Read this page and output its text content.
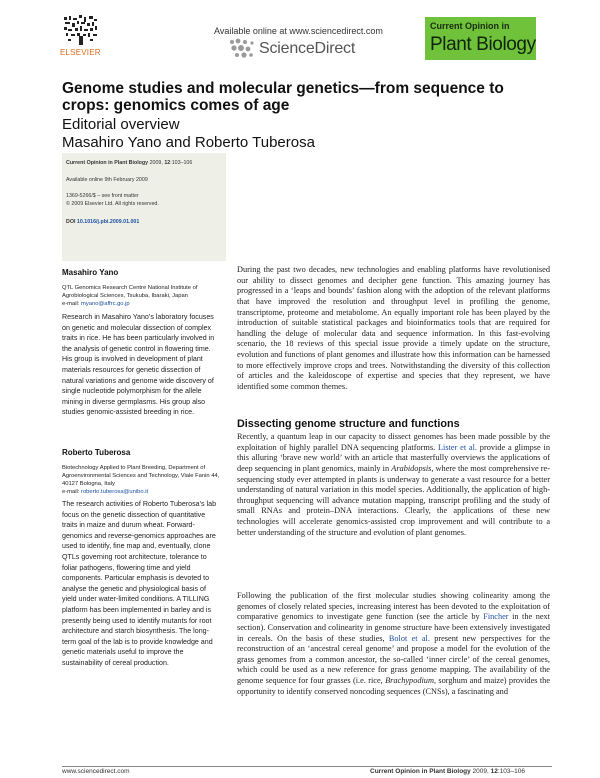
ELSEVIER
Available online at www.sciencedirect.com
ScienceDirect
Current Opinion in
Plant Biology
Genome studies and molecular genetics—from sequence to crops: genomics comes of age
Editorial overview
Masahiro Yano and Roberto Tuberosa
Current Opinion in Plant Biology 2009, 12:103–106
Available online 9th February 2009
1369-5266/$ – see front matter
© 2009 Elsevier Ltd. All rights reserved.
DOI 10.1016/j.pbi.2009.01.001
Masahiro Yano
QTL Genomics Research Centre National Institute of Agrobiological Sciences, Tsukuba, Ibaraki, Japan
e-mail: myano@affrc.go.jp
Research in Masahiro Yano’s laboratory focuses on genetic and molecular dissection of complex traits in rice. He has been particularly involved in the analysis of genetic control in flowering time. His group is involved in development of plant materials resources for genetic dissection of natural variations and genome wide discovery of single nucleotide polymorphism for the allele mining in diverse germplasms. His group also studies genomic-assisted breeding in rice.
Roberto Tuberosa
Biotechnology Applied to Plant Breeding, Department of Agroenvironmental Sciences and Technology, Viale Fanin 44, 40127 Bologna, Italy
e-mail: roberto.tuberosa@unibo.it
The research activities of Roberto Tuberosa’s lab focus on the genetic dissection of quantitative traits in maize and durum wheat. Forward-genomics and reverse-genomics approaches are used to identify, fine map and, eventually, clone QTLs governing root architecture, tolerance to foliar pathogens, flowering time and yield components. Particular emphasis is devoted to analyse the genetic and physiological basis of yield under water-limited conditions. A TILLING platform has been implemented in barley and is presently being used to identify mutants for root architecture and starch biosynthesis. The long-term goal of the lab is to provide knowledge and genetic materials useful to improve the sustainability of cereal production.
During the past two decades, new technologies and enabling platforms have revolutionised our ability to dissect genomes and decipher gene function. This amazing journey has progressed in a ‘leaps and bounds’ fashion along with the adoption of the relevant platforms that have improved the resolution and throughput level in profiling the genome, transcriptome, proteome and metabolome. An equally important role has been played by the introduction of suitable statistical packages and bioinformatics tools that are required for handling the deluge of molecular data and sequence information. In this fast-evolving scenario, the 18 reviews of this special issue provide a timely update on the structure, evolution and functions of plant genomes and illustrate how this information can be harnessed to more effectively improve crops and trees. Notwithstanding the diversity of this collection of articles and the kaleidoscope of expertise and species that they represent, we have identified some common themes.
Dissecting genome structure and functions
Recently, a quantum leap in our capacity to dissect genomes has been made possible by the exploitation of highly parallel DNA sequencing platforms. Lister et al. provide a glimpse in this alluring ‘brave new world’ with an article that masterfully overviews the applications of deep sequencing in plant genomics, mainly in Arabidopsis, where the most comprehensive re-sequencing study ever attempted in plants is underway to generate a vast resource for a better understanding of natural variation in this model species. Additionally, the application of high-throughput sequencing will advance mutation mapping, transcript profiling and the study of small RNAs and protein–DNA interactions. Clearly, the applications of these new technologies will accelerate genomics-assisted crop improvement and will contribute to a better understanding of the structure and evolution of plant genomes.
Following the publication of the first molecular studies showing colinearity among the genomes of closely related species, increasing interest has been devoted to the exploitation of comparative genomics to investigate gene function (see the article by Fincher in the next section). Conservation and colinearity in genome structure have been extensively investigated in cereals. On the basis of these studies, Bolot et al. present new perspectives for the reconstruction of an ‘ancestral cereal genome’ and propose a model for the evolution of the grass genomes from a common ancestor, the so-called ‘inner circle’ of the cereal genomes, which could be used as a new reference for grass genome mapping. The availability of the genome sequence for four grasses (i.e. rice, Brachypodium, sorghum and maize) provides the opportunity to identify conserved noncoding sequences (CNSs), a fascinating and
www.sciencedirect.com	Current Opinion in Plant Biology 2009, 12:103–106
